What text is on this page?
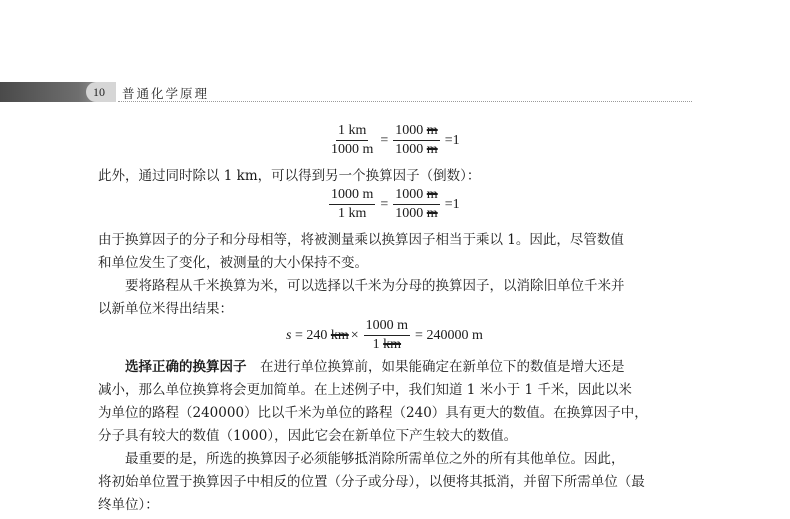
10 普通化学原理
$\frac{1 km}{1000 m} = \frac{1000 m}{1000 m} =1$

此外，通过同时除以 1 km，可以得到另一个换算因子（倒数）：

$\frac{1000 m}{1 km} = \frac{1000 m}{1000 m} =1$

由于换算因子的分子和分母相等，将被测量乘以换算因子相当于乘以 1。因此，尽管数值
和单位发生了变化，被测量的大小保持不变。

要将路程从千米换算为米，可以选择以千米为分母的换算因子，以消除旧单位千米并
以新单位米得出结果：

s = 240 km × $\frac{1000 m}{1 km} = 240000$ m

选择正确的换算因子　在进行单位换算前，如果能确定在新单位下的数值是增大还是
减小，那么单位换算将会更加简单。在上述例子中，我们知道 1 米小于 1 千米，因此以米
为单位的路程（240000）比以千米为单位的路程（240）具有更大的数值。在换算因子中，
分子具有较大的数值（1000），因此它会在新单位下产生较大的数值。

最重要的是，所选的换算因子必须能够抵消除所需单位之外的所有其他单位。因此，
将初始单位置于换算因子中相反的位置（分子或分母），以便将其抵消，并留下所需单位（最
终单位）：
